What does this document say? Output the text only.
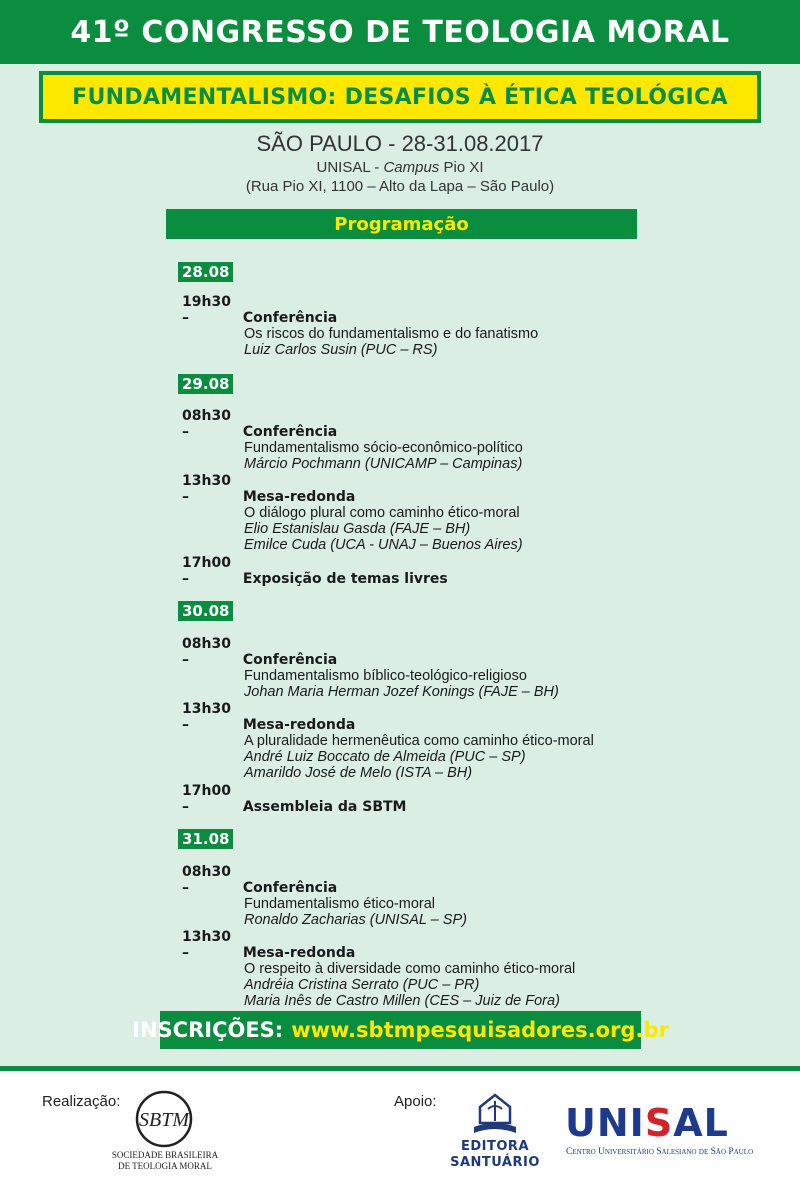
41º CONGRESSO DE TEOLOGIA MORAL
FUNDAMENTALISMO: DESAFIOS À ÉTICA TEOLÓGICA
SÃO PAULO - 28-31.08.2017
UNISAL - Campus Pio XI
(Rua Pio XI, 1100 – Alto da Lapa – São Paulo)
Programação
28.08
19h30 –	Conferência
Os riscos do fundamentalismo e do fanatismo
Luiz Carlos Susin (PUC – RS)
29.08
08h30 –	Conferência
Fundamentalismo sócio-econômico-político
Márcio Pochmann (UNICAMP – Campinas)
13h30 –	Mesa-redonda
O diálogo plural como caminho ético-moral
Elio Estanislau Gasda (FAJE – BH)
Emilce Cuda (UCA - UNAJ – Buenos Aires)
17h00 –	Exposição de temas livres
30.08
08h30 –	Conferência
Fundamentalismo bíblico-teológico-religioso
Johan Maria Herman Jozef Konings (FAJE – BH)
13h30 –	Mesa-redonda
A pluralidade hermenêutica como caminho ético-moral
André Luiz Boccato de Almeida (PUC – SP)
Amarildo José de Melo (ISTA – BH)
17h00 –	Assembleia da SBTM
31.08
08h30 –	Conferência
Fundamentalismo ético-moral
Ronaldo Zacharias (UNISAL – SP)
13h30 –	Mesa-redonda
O respeito à diversidade como caminho ético-moral
Andréia Cristina Serrato (PUC – PR)
Maria Inês de Castro Millen (CES – Juiz de Fora)
INSCRIÇÕES: www.sbtmpesquisadores.org.br
Realização:
SBTM
SOCIEDADE BRASILEIRA
DE TEOLOGIA MORAL
Apoio:
EDITORA
SANTUÁRIO
UNISAL
Centro Universitário Salesiano de São Paulo
